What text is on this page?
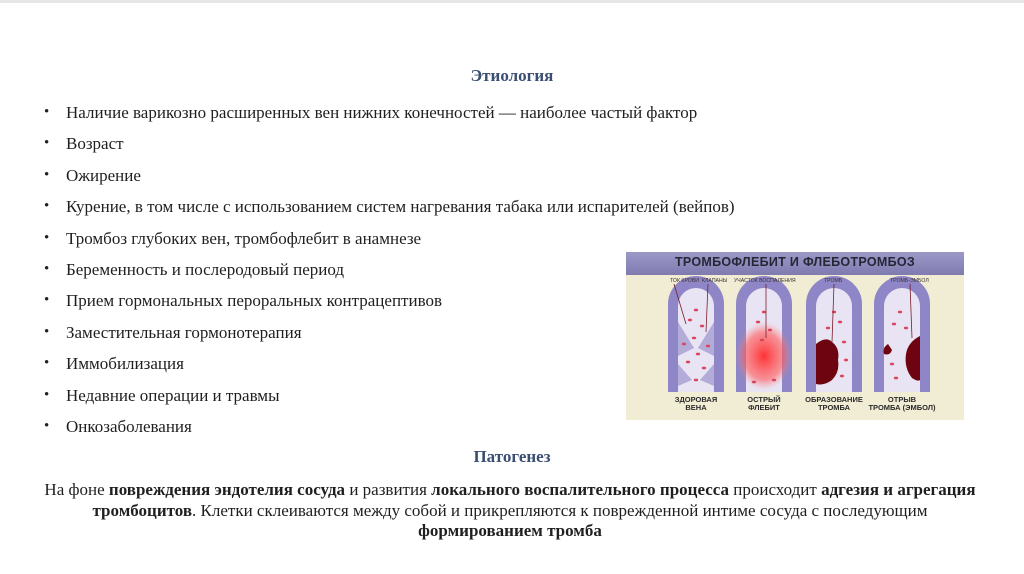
Этиология
• Наличие варикозно расширенных вен нижних конечностей — наиболее частый фактор
• Возраст
• Ожирение
• Курение, в том числе с использованием систем нагревания табака или испарителей (вейпов)
• Тромбоз глубоких вен, тромбофлебит в анамнезе
• Беременность и послеродовый период
• Прием гормональных пероральных контрацептивов
• Заместительная гормонотерапия
• Иммобилизация
• Недавние операции и травмы
• Онкозаболевания
ТРОМБОФЛЕБИТ И ФЛЕБОТРОМБОЗ
ТОК КРОВИ КЛАПАНЫ УЧАСТОК ВОСПАЛЕНИЯ	ТРОМБ	ТРОМБ-ЭМБОЛ
ЗДОРОВАЯ
ВЕНА
ОСТРЫЙ
ФЛЕБИТ
ОБРАЗОВАНИЕ
ТРОМБА
ОТРЫВ
ТРОМБА (ЭМБОЛ)
Патогенез
На фоне повреждения эндотелия сосуда и развития локального воспалительного процесса происходит адгезия и агрегация тромбоцитов. Клетки склеиваются между собой и прикрепляются к поврежденной интиме сосуда с последующим формированием тромба
